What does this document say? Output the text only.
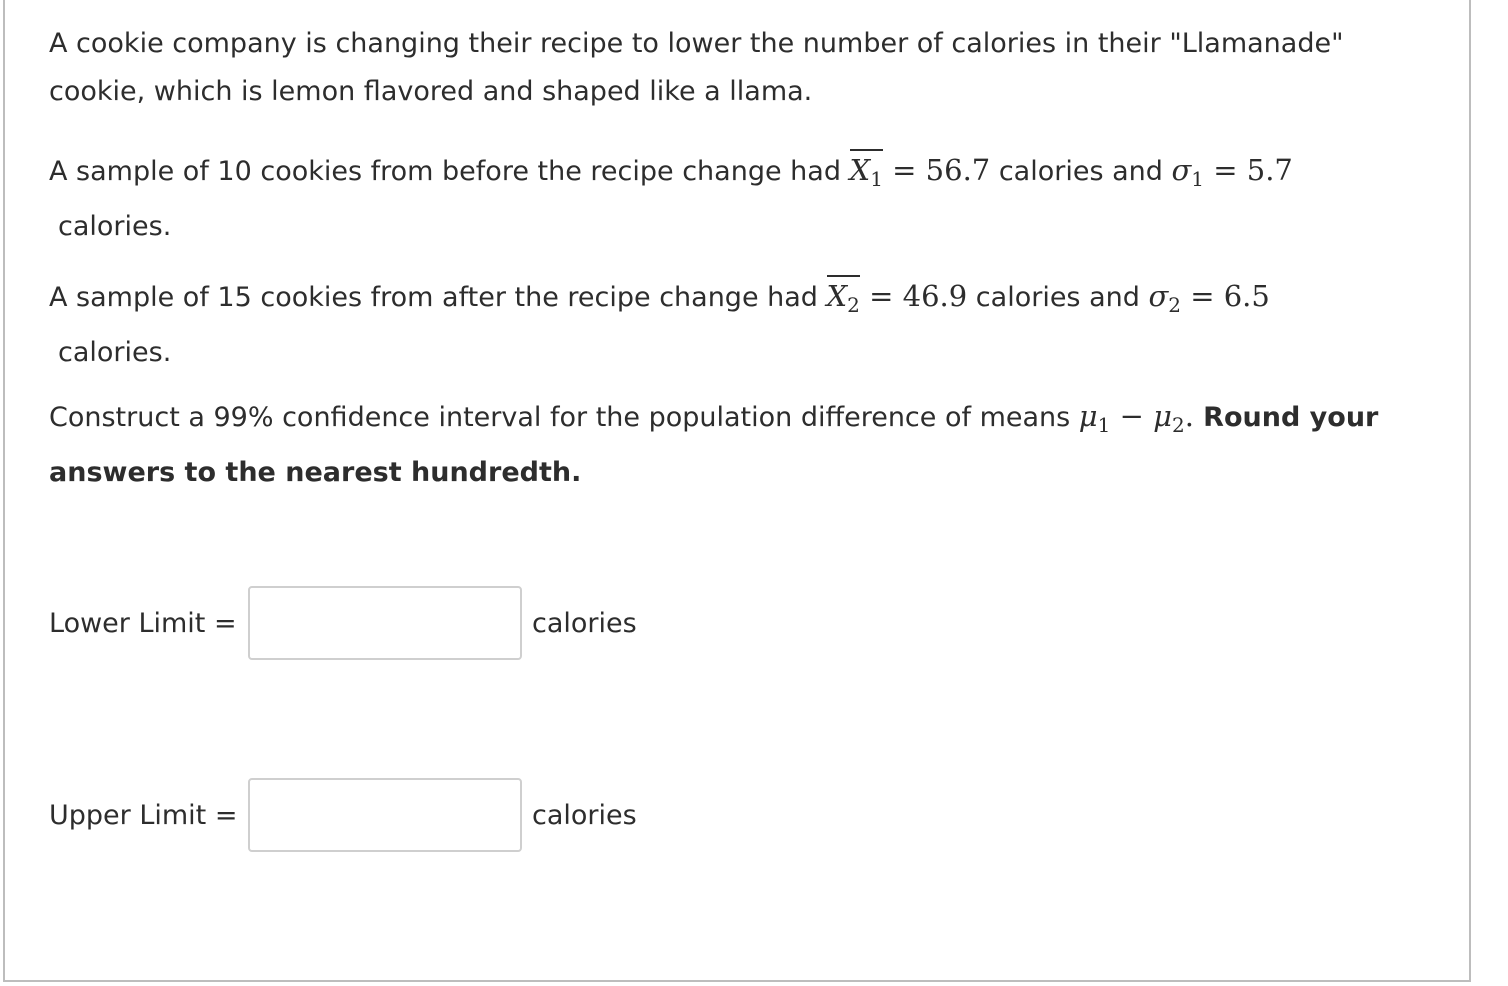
A cookie company is changing their recipe to lower the number of calories in their "Llamanade"
cookie, which is lemon flavored and shaped like a llama.
A sample of 10 cookies from before the recipe change had $X_1 = 56.7$ calories and $\sigma_1 = 5.7$
calories.
A sample of 15 cookies from after the recipe change had $X_2 = 46.9$ calories and $\sigma_2 = 6.5$
calories.
Construct a 99% confidence interval for the population difference of means $\mu_1 - \mu_2$. Round your
answers to the nearest hundredth.
Lower Limit =	calories
Upper Limit =	calories
